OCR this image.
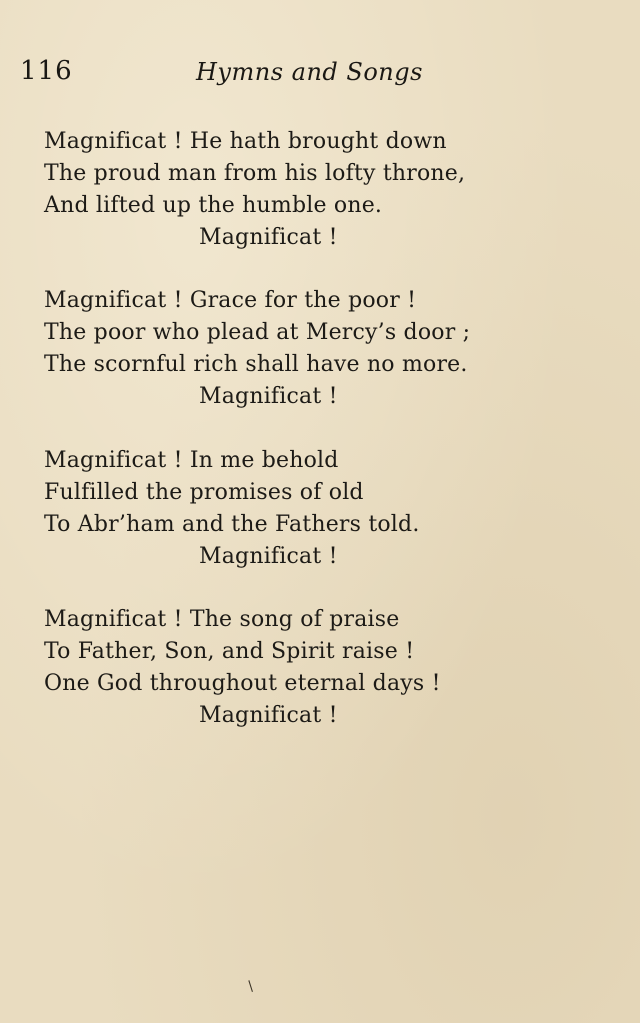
116	Hymns and Songs
Magnificat ! He hath brought down
The proud man from his lofty throne,
And lifted up the humble one.
Magnificat !
Magnificat ! Grace for the poor !
The poor who plead at Mercy’s door ;
The scornful rich shall have no more.
Magnificat !
Magnificat ! In me behold
Fulfilled the promises of old
To Abr’ham and the Fathers told.
Magnificat !
Magnificat ! The song of praise
To Father, Son, and Spirit raise !
One God throughout eternal days !
Magnificat !
/
